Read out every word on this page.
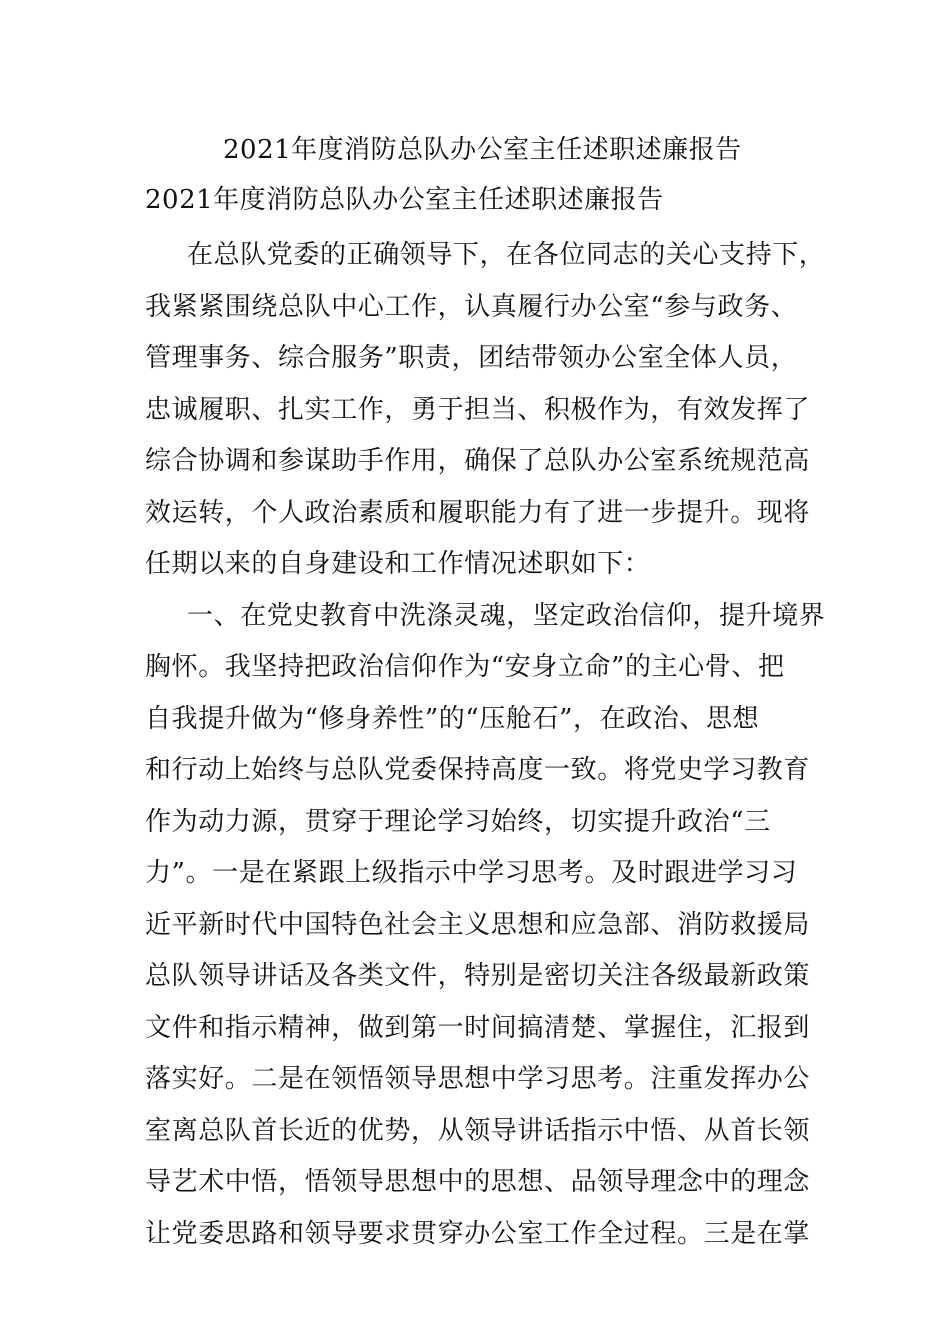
2021年度消防总队办公室主任述职述廉报告
2021年度消防总队办公室主任述职述廉报告
在总队党委的正确领导下，在各位同志的关心支持下，
我紧紧围绕总队中心工作，认真履行办公室“参与政务、
管理事务、综合服务”职责，团结带领办公室全体人员，
忠诚履职、扎实工作，勇于担当、积极作为，有效发挥了
综合协调和参谋助手作用，确保了总队办公室系统规范高
效运转，个人政治素质和履职能力有了进一步提升。现将
任期以来的自身建设和工作情况述职如下：
一、在党史教育中洗涤灵魂，坚定政治信仰，提升境界
胸怀。我坚持把政治信仰作为“安身立命”的主心骨、把
自我提升做为“修身养性”的“压舱石”，在政治、思想
和行动上始终与总队党委保持高度一致。将党史学习教育
作为动力源，贯穿于理论学习始终，切实提升政治“三
力”。一是在紧跟上级指示中学习思考。及时跟进学习习
近平新时代中国特色社会主义思想和应急部、消防救援局
总队领导讲话及各类文件，特别是密切关注各级最新政策
文件和指示精神，做到第一时间搞清楚、掌握住，汇报到
落实好。二是在领悟领导思想中学习思考。注重发挥办公
室离总队首长近的优势，从领导讲话指示中悟、从首长领
导艺术中悟，悟领导思想中的思想、品领导理念中的理念
让党委思路和领导要求贯穿办公室工作全过程。三是在掌
